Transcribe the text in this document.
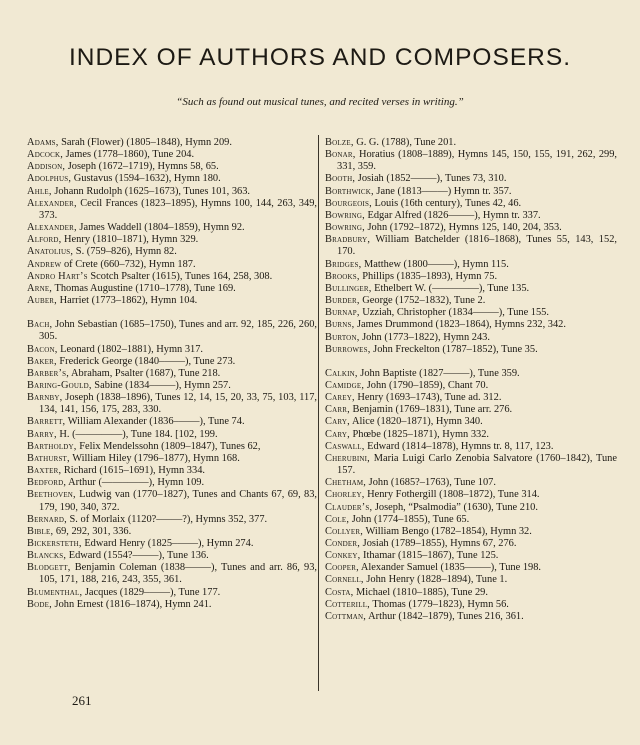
INDEX OF AUTHORS AND COMPOSERS.

“Such as found out musical tunes, and recited verses in writing.”

Adams, Sarah (Flower) (1805–1848), Hymn 209.

Adcock, James (1778–1860), Tune 204.

Addison, Joseph (1672–1719), Hymns 58, 65.

Adolphus, Gustavus (1594–1632), Hymn 180.

Ahle, Johann Rudolph (1625–1673), Tunes 101, 363.

Alexander, Cecil Frances (1823–1895), Hymns 100, 144, 263, 349, 373.

Alexander, James Waddell (1804–1859), Hymn 92.

Alford, Henry (1810–1871), Hymn 329.

Anatolius, S. (759–826), Hymn 82.

Andrew of Crete (660–732), Hymn 187.

Andro Hart’s Scotch Psalter (1615), Tunes 164, 258, 308.

Arne, Thomas Augustine (1710–1778), Tune 169.

Auber, Harriet (1773–1862), Hymn 104.

Bach, John Sebastian (1685–1750), Tunes and arr. 92, 185, 226, 260, 305.

Bacon, Leonard (1802–1881), Hymn 317.

Baker, Frederick George (1840–——), Tune 273.

Barber’s, Abraham, Psalter (1687), Tune 218.

Baring-Gould, Sabine (1834–——), Hymn 257.

Barnby, Joseph (1838–1896), Tunes 12, 14, 15, 20, 33, 75, 103, 117, 134, 141, 156, 175, 283, 330.

Barrett, William Alexander (1836–——), Tune 74.

Barry, H. (——–——), Tune 184. [102, 199.

Bartholdy, Felix Mendelssohn (1809–1847), Tunes 62,

Bathurst, William Hiley (1796–1877), Hymn 168.

Baxter, Richard (1615–1691), Hymn 334.

Bedford, Arthur (——–——), Hymn 109.

Beethoven, Ludwig van (1770–1827), Tunes and Chants 67, 69, 83, 179, 190, 340, 372.

Bernard, S. of Morlaix (1120?–——?), Hymns 352, 377.

Bible, 69, 292, 301, 336.

Bickersteth, Edward Henry (1825–——), Hymn 274.

Blancks, Edward (1554?–——), Tune 136.

Blodgett, Benjamin Coleman (1838–——), Tunes and arr. 86, 93, 105, 171, 188, 216, 243, 355, 361.

Blumenthal, Jacques (1829–——), Tune 177.

Bode, John Ernest (1816–1874), Hymn 241.

Bolze, G. G. (1788), Tune 201.

Bonar, Horatius (1808–1889), Hymns 145, 150, 155, 191, 262, 299, 331, 359.

Booth, Josiah (1852–——), Tunes 73, 310.

Borthwick, Jane (1813–——) Hymn tr. 357.

Bourgeois, Louis (16th century), Tunes 42, 46.

Bowring, Edgar Alfred (1826–——), Hymn tr. 337.

Bowring, John (1792–1872), Hymns 125, 140, 204, 353.

Bradbury, William Batchelder (1816–1868), Tunes 55, 143, 152, 170.

Bridges, Matthew (1800–——), Hymn 115.

Brooks, Phillips (1835–1893), Hymn 75.

Bullinger, Ethelbert W. (——–——), Tune 135.

Burder, George (1752–1832), Tune 2.

Burnap, Uzziah, Christopher (1834–——), Tune 155.

Burns, James Drummond (1823–1864), Hymns 232, 342.

Burton, John (1773–1822), Hymn 243.

Burrowes, John Freckelton (1787–1852), Tune 35.

Calkin, John Baptiste (1827–——), Tune 359.

Camidge, John (1790–1859), Chant 70.

Carey, Henry (1693–1743), Tune ad. 312.

Carr, Benjamin (1769–1831), Tune arr. 276.

Cary, Alice (1820–1871), Hymn 340.

Cary, Phœbe (1825–1871), Hymn 332.

Caswall, Edward (1814–1878), Hymns tr. 8, 117, 123.

Cherubini, Maria Luigi Carlo Zenobia Salvatore (1760–1842), Tune 157.

Chetham, John (1685?–1763), Tune 107.

Chorley, Henry Fothergill (1808–1872), Tune 314.

Clauder’s, Joseph, “Psalmodia” (1630), Tune 210.

Cole, John (1774–1855), Tune 65.

Collyer, William Bengo (1782–1854), Hymn 32.

Conder, Josiah (1789–1855), Hymns 67, 276.

Conkey, Ithamar (1815–1867), Tune 125.

Cooper, Alexander Samuel (1835–——), Tune 198.

Cornell, John Henry (1828–1894), Tune 1.

Costa, Michael (1810–1885), Tune 29.

Cotterill, Thomas (1779–1823), Hymn 56.

Cottman, Arthur (1842–1879), Tunes 216, 361.

261
